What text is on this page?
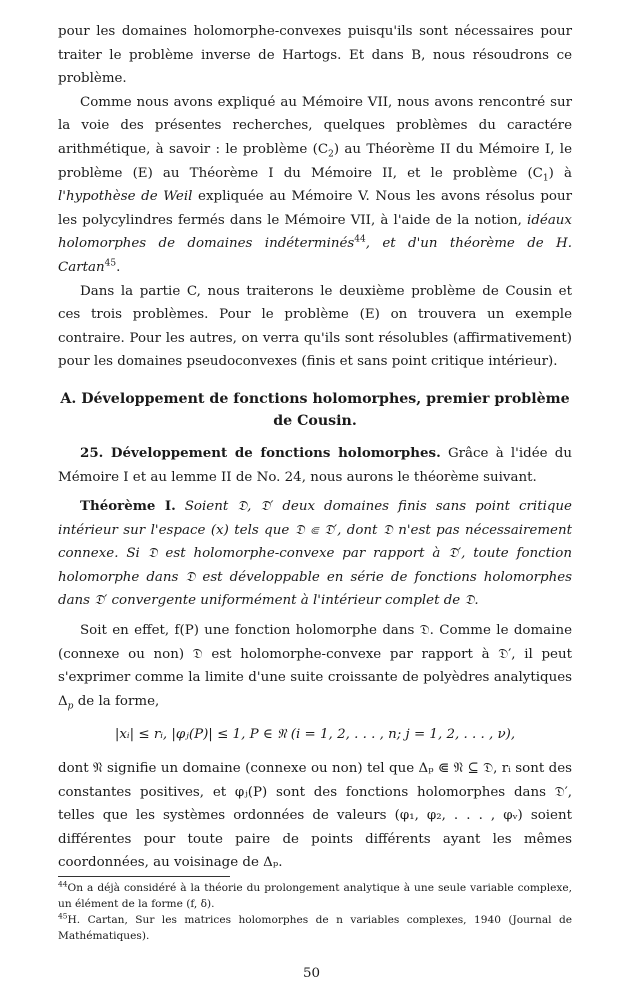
pour les domaines holomorphe-convexes puisqu'ils sont nécessaires pour traiter le problème inverse de Hartogs. Et dans B, nous résoudrons ce problème.

Comme nous avons expliqué au Mémoire VII, nous avons rencontré sur la voie des présentes recherches, quelques problèmes du caractére arithmétique, à savoir : le problème $(C_2)$ au Théorème II du Mémoire I, le problème (E) au Théorème I du Mémoire II, et le problème $(C_1)$ à l'hypothèse de Weil expliquée au Mémoire V. Nous les avons résolus pour les polycylindres fermés dans le Mémoire VII, à l'aide de la notion, idéaux holomorphes de domaines indéterminés$^{44}$, et d'un théorème de H. Cartan$^{45}$.

Dans la partie C, nous traiterons le deuxième problème de Cousin et ces trois problèmes. Pour le problème (E) on trouvera un exemple contraire. Pour les autres, on verra qu'ils sont résolubles (affirmativement) pour les domaines pseudoconvexes (finis et sans point critique intérieur).

A. Développement de fonctions holomorphes, premier problème de Cousin.

25. Développement de fonctions holomorphes. Grâce à l'idée du Mémoire I et au lemme II de No. 24, nous aurons le théorème suivant.

Théorème I. Soient 𝔇, 𝔇′ deux domaines finis sans point critique intérieur sur l'espace (x) tels que 𝔇 ⋐ 𝔇′, dont 𝔇 n'est pas nécessairement connexe. Si 𝔇 est holomorphe-convexe par rapport à 𝔇′, toute fonction holomorphe dans 𝔇 est développable en série de fonctions holomorphes dans 𝔇′ convergente uniformément à l'intérieur complet de 𝔇.

Soit en effet, f(P) une fonction holomorphe dans 𝔇. Comme le domaine (connexe ou non) 𝔇 est holomorphe-convexe par rapport à 𝔇′, il peut s'exprimer comme la limite d'une suite croissante de polyèdres analytiques $\Delta_p$ de la forme,

|xᵢ| ≤ rᵢ, |φⱼ(P)| ≤ 1, P ∈ 𝔑 (i = 1, 2, . . . , n; j = 1, 2, . . . , ν),

dont 𝔑 signifie un domaine (connexe ou non) tel que Δₚ ⋐ 𝔑 ⊆ 𝔇, rᵢ sont des constantes positives, et φⱼ(P) sont des fonctions holomorphes dans 𝔇′, telles que les systèmes ordonnées de valeurs (φ₁, φ₂, . . . , φᵥ) soient différentes pour toute paire de points différents ayant les mêmes coordonnées, au voisinage de Δₚ.

$^{44}$On a déjà considéré à la théorie du prolongement analytique à une seule variable complexe, un élément de la forme (f, δ).
$^{45}$H. Cartan, Sur les matrices holomorphes de n variables complexes, 1940 (Journal de Mathématiques).
50
